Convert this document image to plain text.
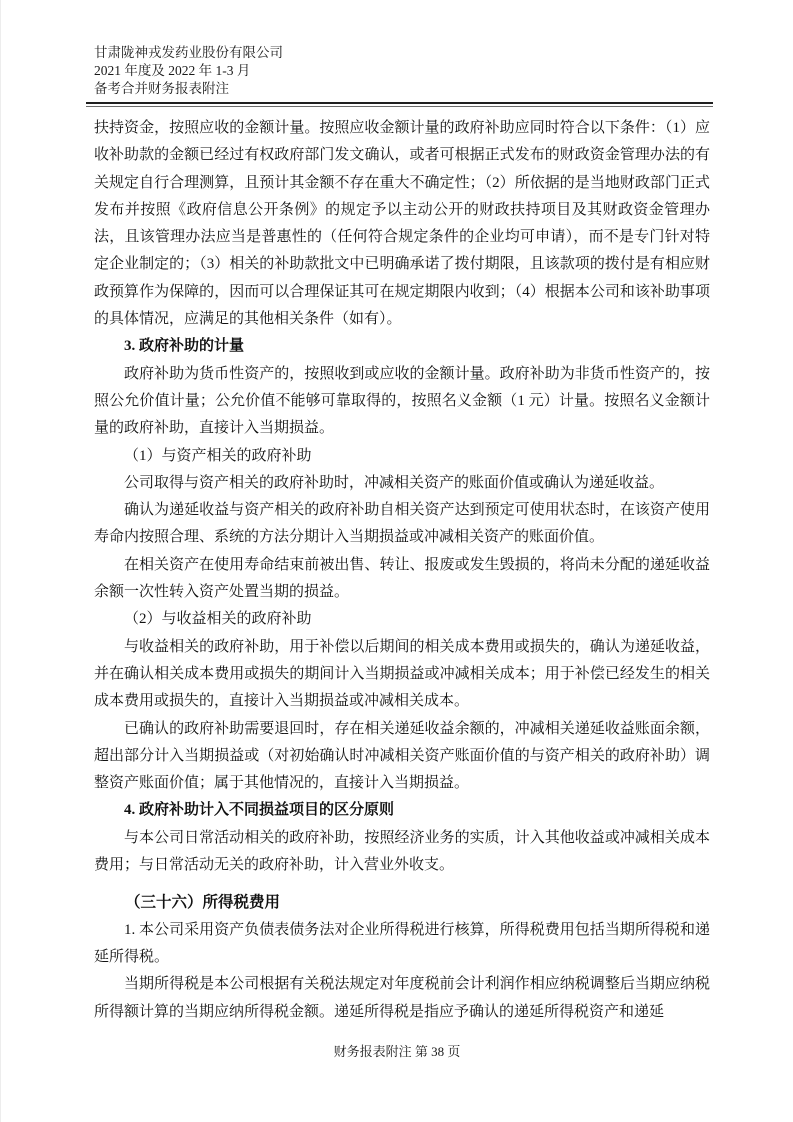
甘肃陇神戎发药业股份有限公司
2021 年度及 2022 年 1-3 月
备考合并财务报表附注

扶持资金，按照应收的金额计量。按照应收金额计量的政府补助应同时符合以下条件：（1）应收补助款的金额已经过有权政府部门发文确认，或者可根据正式发布的财政资金管理办法的有关规定自行合理测算，且预计其金额不存在重大不确定性；（2）所依据的是当地财政部门正式发布并按照《政府信息公开条例》的规定予以主动公开的财政扶持项目及其财政资金管理办法，且该管理办法应当是普惠性的（任何符合规定条件的企业均可申请），而不是专门针对特定企业制定的；（3）相关的补助款批文中已明确承诺了拨付期限，且该款项的拨付是有相应财政预算作为保障的，因而可以合理保证其可在规定期限内收到；（4）根据本公司和该补助事项的具体情况，应满足的其他相关条件（如有）。

3. 政府补助的计量

政府补助为货币性资产的，按照收到或应收的金额计量。政府补助为非货币性资产的，按照公允价值计量；公允价值不能够可靠取得的，按照名义金额（1 元）计量。按照名义金额计量的政府补助，直接计入当期损益。

（1）与资产相关的政府补助

公司取得与资产相关的政府补助时，冲减相关资产的账面价值或确认为递延收益。

确认为递延收益与资产相关的政府补助自相关资产达到预定可使用状态时，在该资产使用寿命内按照合理、系统的方法分期计入当期损益或冲减相关资产的账面价值。

在相关资产在使用寿命结束前被出售、转让、报废或发生毁损的，将尚未分配的递延收益余额一次性转入资产处置当期的损益。

（2）与收益相关的政府补助

与收益相关的政府补助，用于补偿以后期间的相关成本费用或损失的，确认为递延收益，并在确认相关成本费用或损失的期间计入当期损益或冲减相关成本；用于补偿已经发生的相关成本费用或损失的，直接计入当期损益或冲减相关成本。

已确认的政府补助需要退回时，存在相关递延收益余额的，冲减相关递延收益账面余额，超出部分计入当期损益或（对初始确认时冲减相关资产账面价值的与资产相关的政府补助）调整资产账面价值；属于其他情况的，直接计入当期损益。

4. 政府补助计入不同损益项目的区分原则

与本公司日常活动相关的政府补助，按照经济业务的实质，计入其他收益或冲减相关成本费用；与日常活动无关的政府补助，计入营业外收支。

（三十六）所得税费用

1. 本公司采用资产负债表债务法对企业所得税进行核算，所得税费用包括当期所得税和递延所得税。

当期所得税是本公司根据有关税法规定对年度税前会计利润作相应纳税调整后当期应纳税所得额计算的当期应纳所得税金额。递延所得税是指应予确认的递延所得税资产和递延

财务报表附注 第 38 页
